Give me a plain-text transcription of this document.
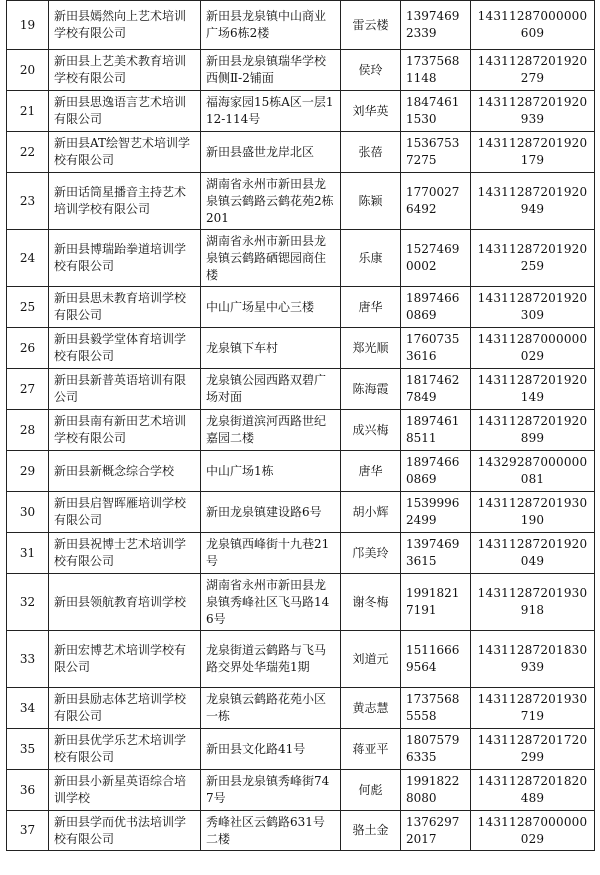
19	新田县嫣然向上艺术培训学校有限公司	新田县龙泉镇中山商业广场6栋2楼	雷云楼	13974692339	14311287000000609
20	新田县上艺美术教育培训学校有限公司	新田县龙泉镇瑞华学校西侧Ⅱ-2铺面	侯玲	17375681148	14311287201920279
21	新田县思逸语言艺术培训有限公司	福海家园15栋A区一层112-114号	刘华英	18474611530	14311287201920939
22	新田县AT绘智艺术培训学校有限公司	新田县盛世龙岸北区	张蓓	15367537275	14311287201920179
23	新田话筒星播音主持艺术培训学校有限公司	湖南省永州市新田县龙泉镇云鹤路云鹤花苑2栋201	陈颖	17700276492	14311287201920949
24	新田县博瑞跆拳道培训学校有限公司	湖南省永州市新田县龙泉镇云鹤路硒锶园商住楼	乐康	15274690002	14311287201920259
25	新田县思未教育培训学校有限公司	中山广场星中心三楼	唐华	18974660869	14311287201920309
26	新田县毅学堂体育培训学校有限公司	龙泉镇下车村	郑光顺	17607353616	14311287000000029
27	新田县新普英语培训有限公司	龙泉镇公园西路双碧广场对面	陈海霞	18174627849	14311287201920149
28	新田县南有新田艺术培训学校有限公司	龙泉街道滨河西路世纪嘉园二楼	成兴梅	18974618511	14311287201920899
29	新田县新概念综合学校	中山广场1栋	唐华	18974660869	14329287000000081
30	新田县启智晖雁培训学校有限公司	新田龙泉镇建设路6号	胡小辉	15399962499	14311287201930190
31	新田县祝博士艺术培训学校有限公司	龙泉镇西峰街十九巷21号	邝美玲	13974693615	14311287201920049
32	新田县领航教育培训学校	湖南省永州市新田县龙泉镇秀峰社区飞马路146号	谢冬梅	19918217191	14311287201930918
33	新田宏博艺术培训学校有限公司	龙泉街道云鹤路与飞马路交界处华瑞苑1期	刘道元	15116669564	14311287201830939
34	新田县励志体艺培训学校有限公司	龙泉镇云鹤路花苑小区一栋	黄志慧	17375685558	14311287201930719
35	新田县优学乐艺术培训学校有限公司	新田县文化路41号	蒋亚平	18075796335	14311287201720299
36	新田县小新星英语综合培训学校	新田县龙泉镇秀峰街747号	何彪	19918228080	14311287201820489
37	新田县学而优书法培训学校有限公司	秀峰社区云鹤路631号二楼	骆土金	13762972017	14311287000000029
